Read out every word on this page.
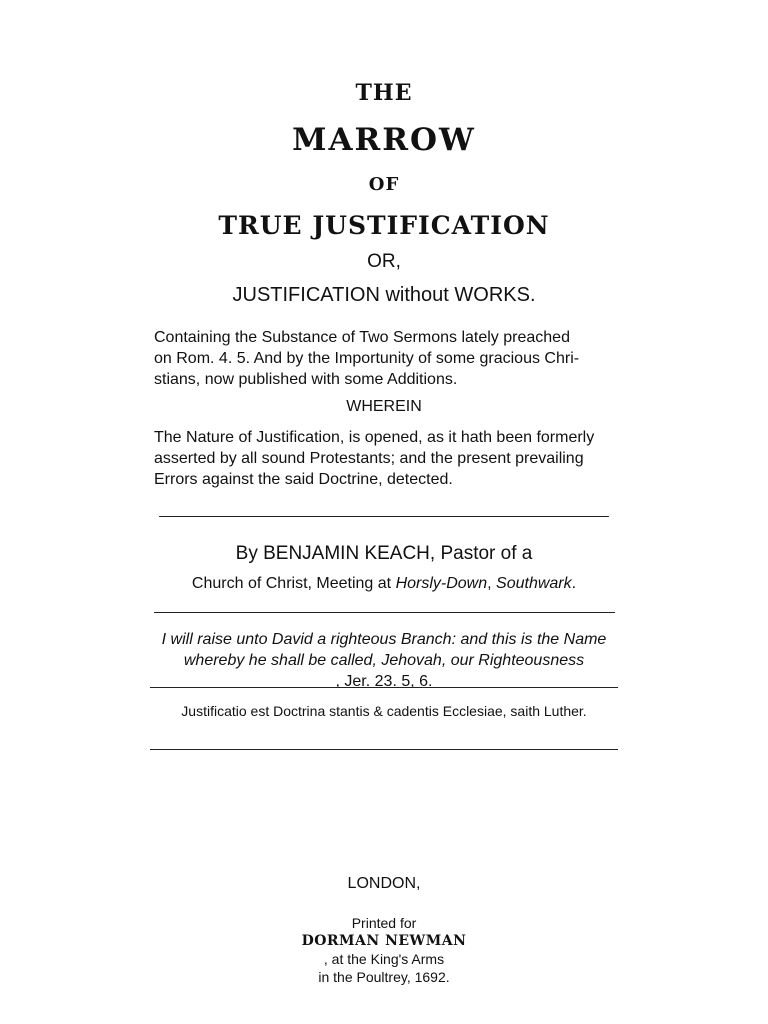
THE
MARROW
OF
TRUE JUSTIFICATION
OR,
JUSTIFICATION without WORKS.
Containing the Substance of Two Sermons lately preached
on Rom. 4. 5. And by the Importunity of some gracious Chri-
stians, now published with some Additions.
WHEREIN
The Nature of Justification, is opened, as it hath been formerly
asserted by all sound Protestants; and the present prevailing
Errors against the said Doctrine, detected.
By BENJAMIN KEACH, Pastor of a
Church of Christ, Meeting at Horsly-Down, Southwark.
I will raise unto David a righteous Branch: and this is the Name
whereby he shall be called, Jehovah, our Righteousness
, Jer. 23. 5, 6.
Justificatio est Doctrina stantis & cadentis Ecclesiae, saith Luther.
LONDON,
Printed for
DORMAN NEWMAN
, at the King's Arms
in the Poultrey, 1692.
